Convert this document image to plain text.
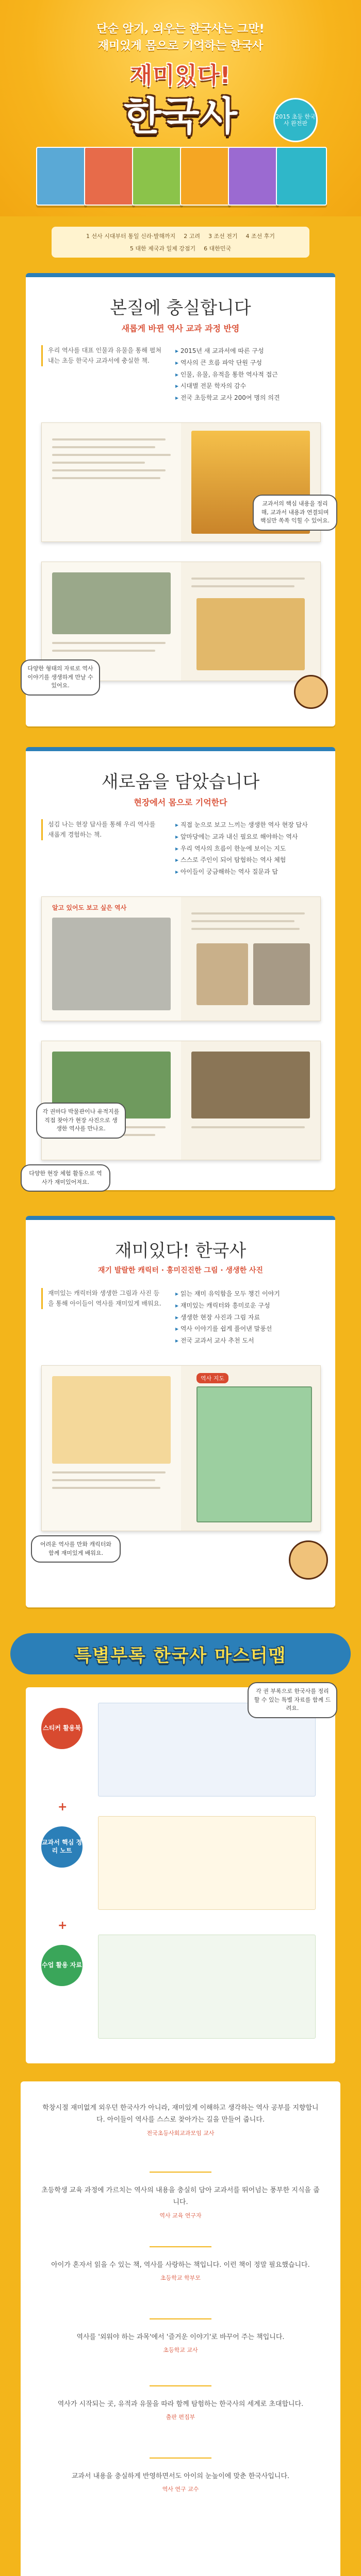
단순 암기, 외우는 한국사는 그만!
재미있게 몸으로 기억하는 한국사
재미있다!
한국사	2015 초등 한국사 완전판
1 선사 시대부터 통일 신라·발해까지 2 고려 3 조선 전기 4 조선 후기
5 대한 제국과 일제 강점기 6 대한민국
본질에 충실합니다
새롭게 바뀐 역사 교과 과정 반영
우리 역사를 대표 인물과 유물을 통해 펼쳐내는 초등 한국사 교과서에 충실한 책.
▸ 2015년 새 교과서에 따른 구성
▸ 역사의 큰 흐름 파악 단원 구성
▸ 인물, 유물, 유적을 통한 역사적 접근
▸ 시대별 전문 학자의 감수
▸ 전국 초등학교 교사 200여 명의 의견
교과서의 핵심 내용을 정리해, 교과서 내용과 연결되며 핵심만 쏙쏙 익힐 수 있어요.
다양한 형태의 자료로 역사 이야기를 생생하게 만날 수 있어요.
새로움을 담았습니다
현장에서 몸으로 기억한다
섬김 나는 현장 답사를 통해 우리 역사를 새롭게 경험하는 책.
▸ 직접 눈으로 보고 느끼는 생생한 역사 현장 답사
▸ 앞마당에는 교과 내신 필요로 해야하는 역사
▸ 우리 역사의 흐름이 한눈에 보이는 지도
▸ 스스로 주인이 되어 탐험하는 역사 체험
▸ 아이들이 궁금해하는 역사 질문과 답
알고 있어도 보고 싶은 역사
각 권마다 박물관이나 유적지를 직접 찾아가 현장 사진으로 생생한 역사를 만나요.
다양한 현장 체험 활동으로 역사가 재미있어져요.
재미있다! 한국사
재기 발랄한 캐릭터 · 흥미진진한 그림 · 생생한 사진
재미있는 캐릭터와 생생한 그림과 사진 등을 통해 아이들이 역사를 재미있게 배워요.
▸ 읽는 재미 유익함을 모두 챙긴 이야기
▸ 재미있는 캐릭터와 흥미로운 구성
▸ 생생한 현장 사진과 그림 자료
▸ 역사 이야기를 쉽게 풀어낸 말풍선
▸ 전국 교과서 교사 추천 도서
역사 지도
어려운 역사를 만화 캐릭터와 함께 재미있게 배워요.
특별부록 한국사 마스터맵
스티커 활용북
+
교과서 핵심 정리 노트
+
수업 활용 자료
각 권 부록으로 한국사를 정리할 수 있는 특별 자료를 함께 드려요.
학창시절 재미없게 외우던 한국사가 아니라, 재미있게 이해하고 생각하는 역사 공부를 지향합니다. 아이들이 역사를 스스로 찾아가는 길을 만들어 줍니다.
전국초등사회교과모임 교사
초등학생 교육 과정에 가르치는 역사의 내용을 충실히 담아 교과서를 뛰어넘는 풍부한 지식을 줍니다.
역사 교육 연구자
아이가 혼자서 읽을 수 있는 책, 역사를 사랑하는 책입니다. 이런 책이 정말 필요했습니다.
초등학교 학부모
역사를 '외워야 하는 과목'에서 '즐거운 이야기'로 바꾸어 주는 책입니다.
초등학교 교사
역사가 시작되는 곳, 유적과 유물을 따라 함께 탐험하는 한국사의 세계로 초대합니다.
출판 편집부
교과서 내용을 충실하게 반영하면서도 아이의 눈높이에 맞춘 한국사입니다.
역사 연구 교수
